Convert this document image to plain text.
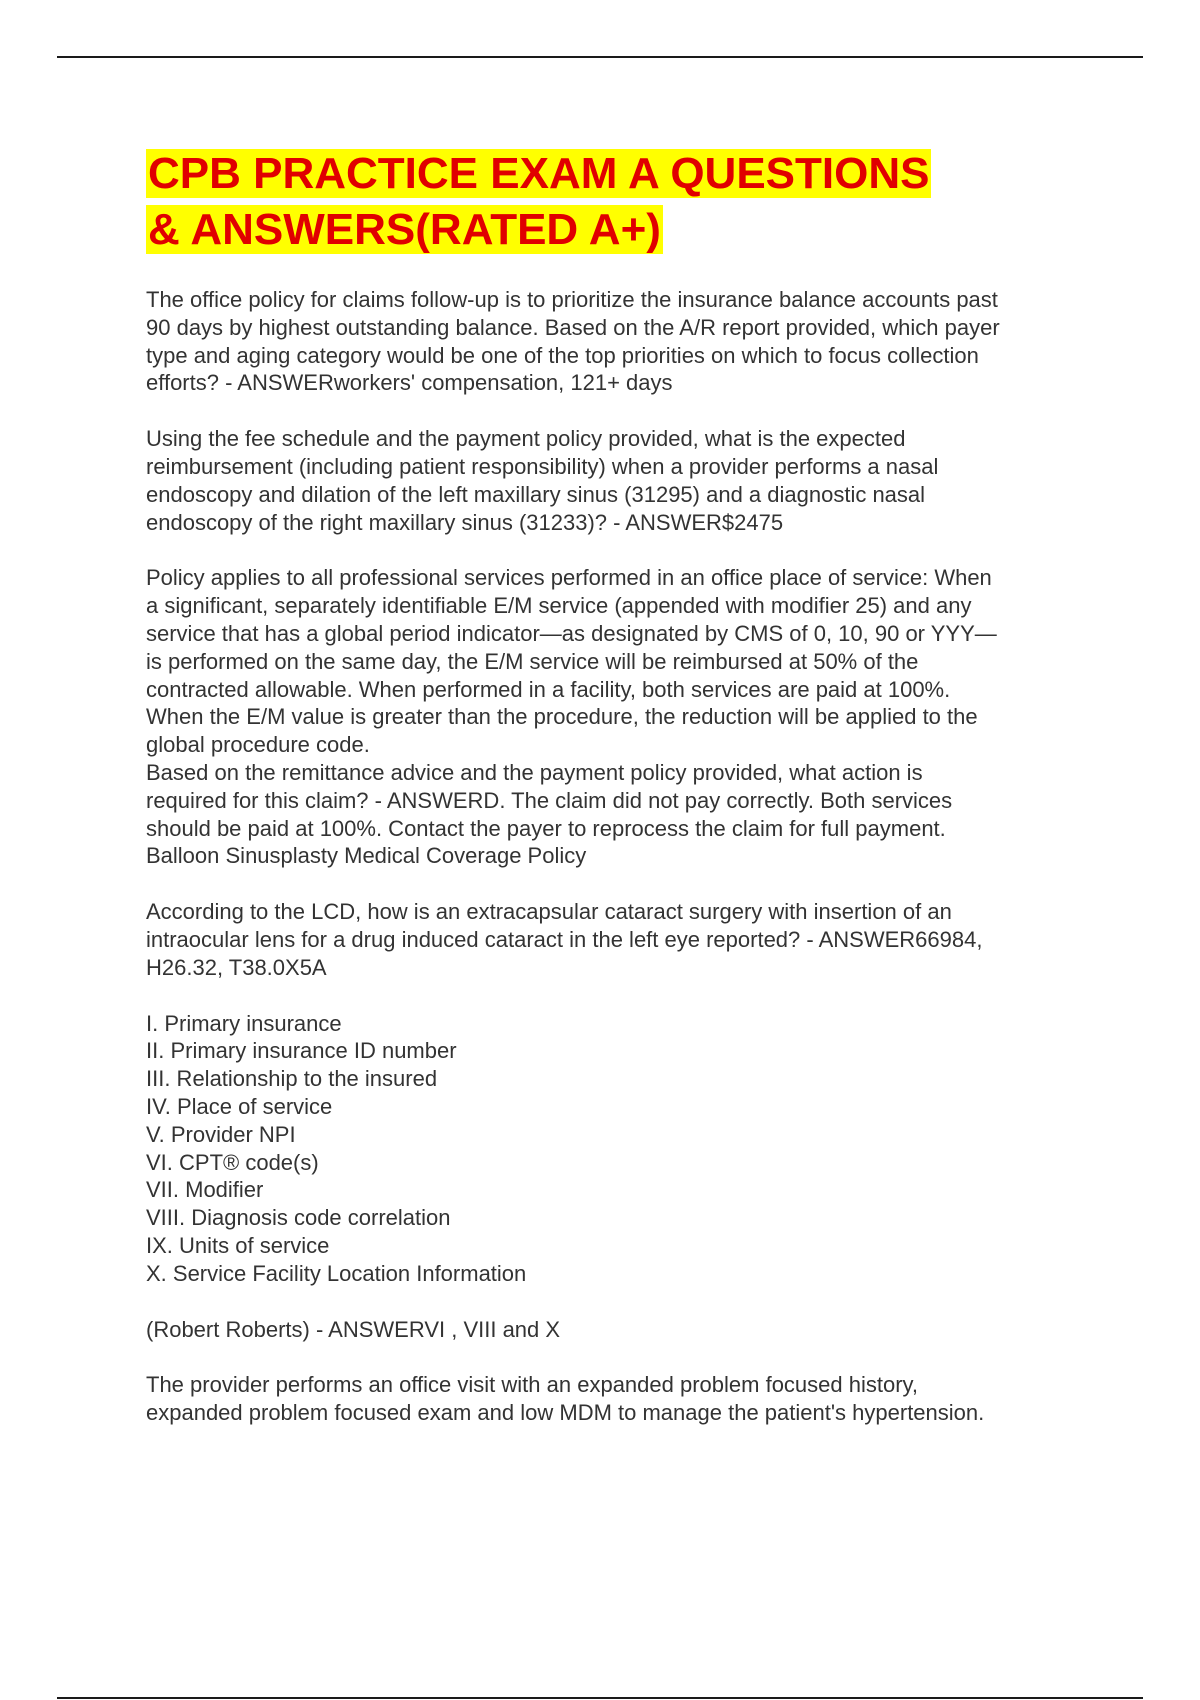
CPB PRACTICE EXAM A QUESTIONS
& ANSWERS(RATED A+)

The office policy for claims follow-up is to prioritize the insurance balance accounts past
90 days by highest outstanding balance. Based on the A/R report provided, which payer
type and aging category would be one of the top priorities on which to focus collection
efforts? - ANSWERworkers' compensation, 121+ days

Using the fee schedule and the payment policy provided, what is the expected
reimbursement (including patient responsibility) when a provider performs a nasal
endoscopy and dilation of the left maxillary sinus (31295) and a diagnostic nasal
endoscopy of the right maxillary sinus (31233)? - ANSWER$2475

Policy applies to all professional services performed in an office place of service: When
a significant, separately identifiable E/M service (appended with modifier 25) and any
service that has a global period indicator—as designated by CMS of 0, 10, 90 or YYY—
is performed on the same day, the E/M service will be reimbursed at 50% of the
contracted allowable. When performed in a facility, both services are paid at 100%.
When the E/M value is greater than the procedure, the reduction will be applied to the
global procedure code.
Based on the remittance advice and the payment policy provided, what action is
required for this claim? - ANSWERD. The claim did not pay correctly. Both services
should be paid at 100%. Contact the payer to reprocess the claim for full payment.
Balloon Sinusplasty Medical Coverage Policy

According to the LCD, how is an extracapsular cataract surgery with insertion of an
intraocular lens for a drug induced cataract in the left eye reported? - ANSWER66984,
H26.32, T38.0X5A

I. Primary insurance
II. Primary insurance ID number
III. Relationship to the insured
IV. Place of service
V. Provider NPI
VI. CPT® code(s)
VII. Modifier
VIII. Diagnosis code correlation
IX. Units of service
X. Service Facility Location Information

(Robert Roberts) - ANSWERVI , VIII and X

The provider performs an office visit with an expanded problem focused history,
expanded problem focused exam and low MDM to manage the patient's hypertension.
